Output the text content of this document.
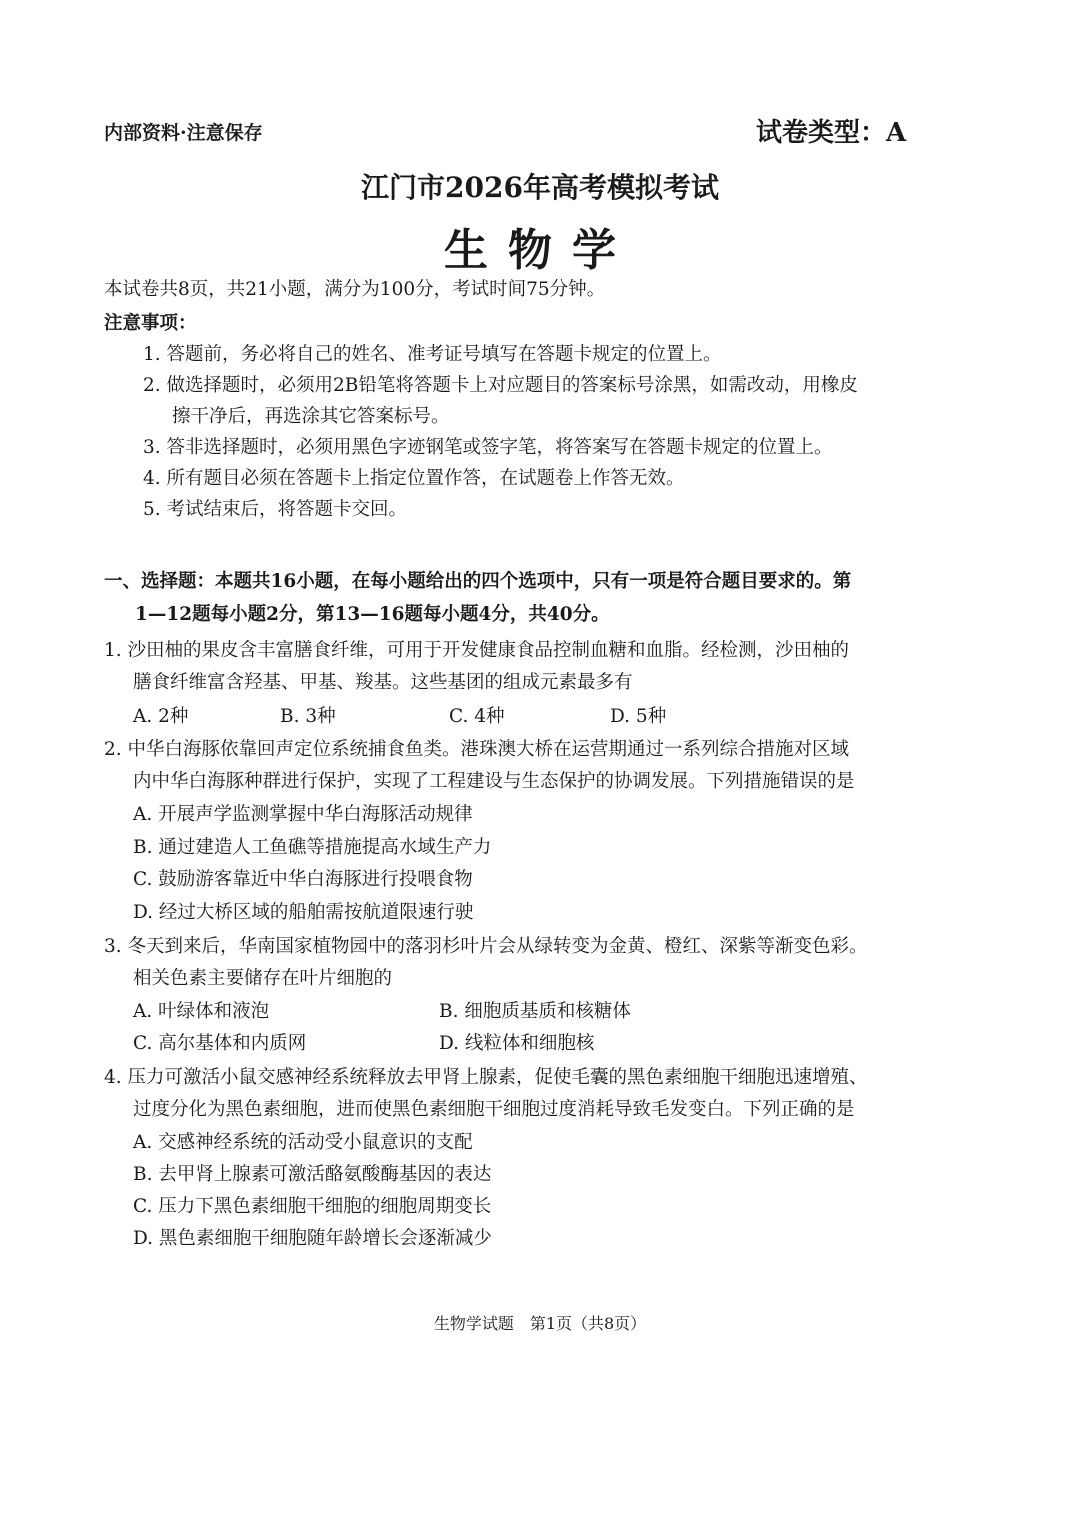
内部资料·注意保存	试卷类型：A
江门市2026年高考模拟考试
生物学
本试卷共8页，共21小题，满分为100分，考试时间75分钟。
注意事项：
1. 答题前，务必将自己的姓名、准考证号填写在答题卡规定的位置上。
2. 做选择题时，必须用2B铅笔将答题卡上对应题目的答案标号涂黑，如需改动，用橡皮
擦干净后，再选涂其它答案标号。
3. 答非选择题时，必须用黑色字迹钢笔或签字笔，将答案写在答题卡规定的位置上。
4. 所有题目必须在答题卡上指定位置作答，在试题卷上作答无效。
5. 考试结束后，将答题卡交回。
一、选择题：本题共16小题，在每小题给出的四个选项中，只有一项是符合题目要求的。第
1—12题每小题2分，第13—16题每小题4分，共40分。
1. 沙田柚的果皮含丰富膳食纤维，可用于开发健康食品控制血糖和血脂。经检测，沙田柚的
膳食纤维富含羟基、甲基、羧基。这些基团的组成元素最多有
A. 2种	B. 3种	C. 4种	D. 5种
2. 中华白海豚依靠回声定位系统捕食鱼类。港珠澳大桥在运营期通过一系列综合措施对区域
内中华白海豚种群进行保护，实现了工程建设与生态保护的协调发展。下列措施错误的是
A. 开展声学监测掌握中华白海豚活动规律
B. 通过建造人工鱼礁等措施提高水域生产力
C. 鼓励游客靠近中华白海豚进行投喂食物
D. 经过大桥区域的船舶需按航道限速行驶
3. 冬天到来后，华南国家植物园中的落羽杉叶片会从绿转变为金黄、橙红、深紫等渐变色彩。
相关色素主要储存在叶片细胞的
A. 叶绿体和液泡	B. 细胞质基质和核糖体
C. 高尔基体和内质网	D. 线粒体和细胞核
4. 压力可激活小鼠交感神经系统释放去甲肾上腺素，促使毛囊的黑色素细胞干细胞迅速增殖、
过度分化为黑色素细胞，进而使黑色素细胞干细胞过度消耗导致毛发变白。下列正确的是
A. 交感神经系统的活动受小鼠意识的支配
B. 去甲肾上腺素可激活酪氨酸酶基因的表达
C. 压力下黑色素细胞干细胞的细胞周期变长
D. 黑色素细胞干细胞随年龄增长会逐渐减少
生物学试题　第1页（共8页）
